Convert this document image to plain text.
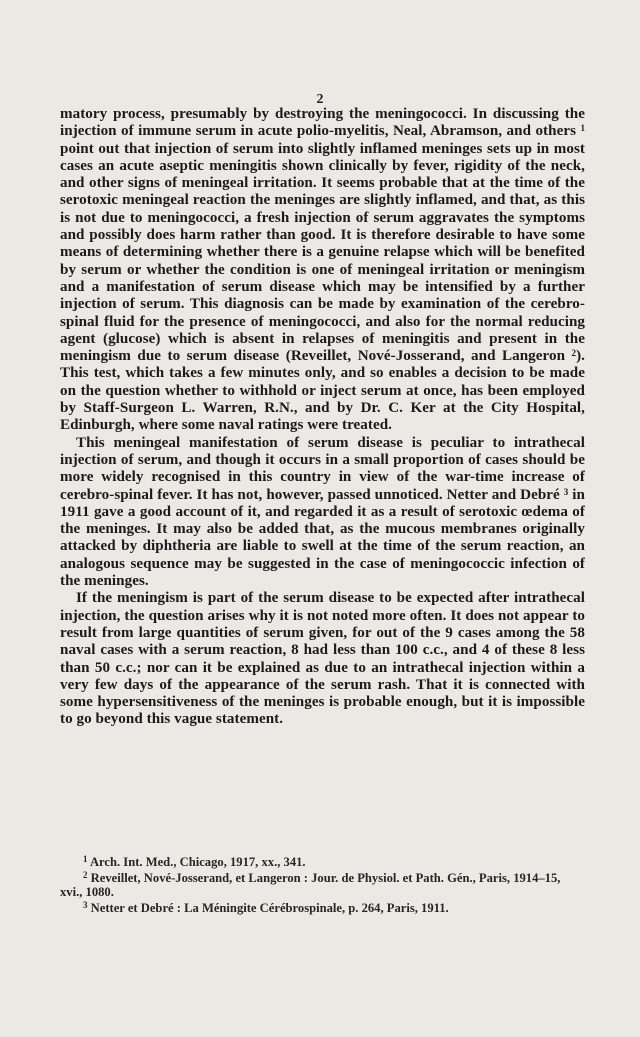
2

matory process, presumably by destroying the meningococci. In discussing the injection of immune serum in acute polio-myelitis, Neal, Abramson, and others $^1$ point out that injection of serum into slightly inflamed meninges sets up in most cases an acute aseptic meningitis shown clinically by fever, rigidity of the neck, and other signs of meningeal irritation. It seems probable that at the time of the serotoxic meningeal reaction the meninges are slightly inflamed, and that, as this is not due to meningococci, a fresh injection of serum aggravates the symptoms and possibly does harm rather than good. It is therefore desirable to have some means of determining whether there is a genuine relapse which will be benefited by serum or whether the condition is one of meningeal irritation or meningism and a manifestation of serum disease which may be intensified by a further injection of serum. This diagnosis can be made by examination of the cerebro-spinal fluid for the presence of meningococci, and also for the normal reducing agent (glucose) which is absent in relapses of meningitis and present in the meningism due to serum disease (Reveillet, Nové-Josserand, and Langeron $^2$). This test, which takes a few minutes only, and so enables a decision to be made on the question whether to withhold or inject serum at once, has been employed by Staff-Surgeon L. Warren, R.N., and by Dr. C. Ker at the City Hospital, Edinburgh, where some naval ratings were treated.

This meningeal manifestation of serum disease is peculiar to intrathecal injection of serum, and though it occurs in a small proportion of cases should be more widely recognised in this country in view of the war-time increase of cerebro-spinal fever. It has not, however, passed unnoticed. Netter and Debré $^3$ in 1911 gave a good account of it, and regarded it as a result of serotoxic œdema of the meninges. It may also be added that, as the mucous membranes originally attacked by diphtheria are liable to swell at the time of the serum reaction, an analogous sequence may be suggested in the case of meningococcic infection of the meninges.

If the meningism is part of the serum disease to be expected after intrathecal injection, the question arises why it is not noted more often. It does not appear to result from large quantities of serum given, for out of the 9 cases among the 58 naval cases with a serum reaction, 8 had less than 100 c.c., and 4 of these 8 less than 50 c.c.; nor can it be explained as due to an intrathecal injection within a very few days of the appearance of the serum rash. That it is connected with some hypersensitiveness of the meninges is probable enough, but it is impossible to go beyond this vague statement.

$^1$ Arch. Int. Med., Chicago, 1917, xx., 341.

$^2$ Reveillet, Nové-Josserand, et Langeron : Jour. de Physiol. et Path. Gén., Paris, 1914–15, xvi., 1080.

$^3$ Netter et Debré : La Méningite Cérébrospinale, p. 264, Paris, 1911.
